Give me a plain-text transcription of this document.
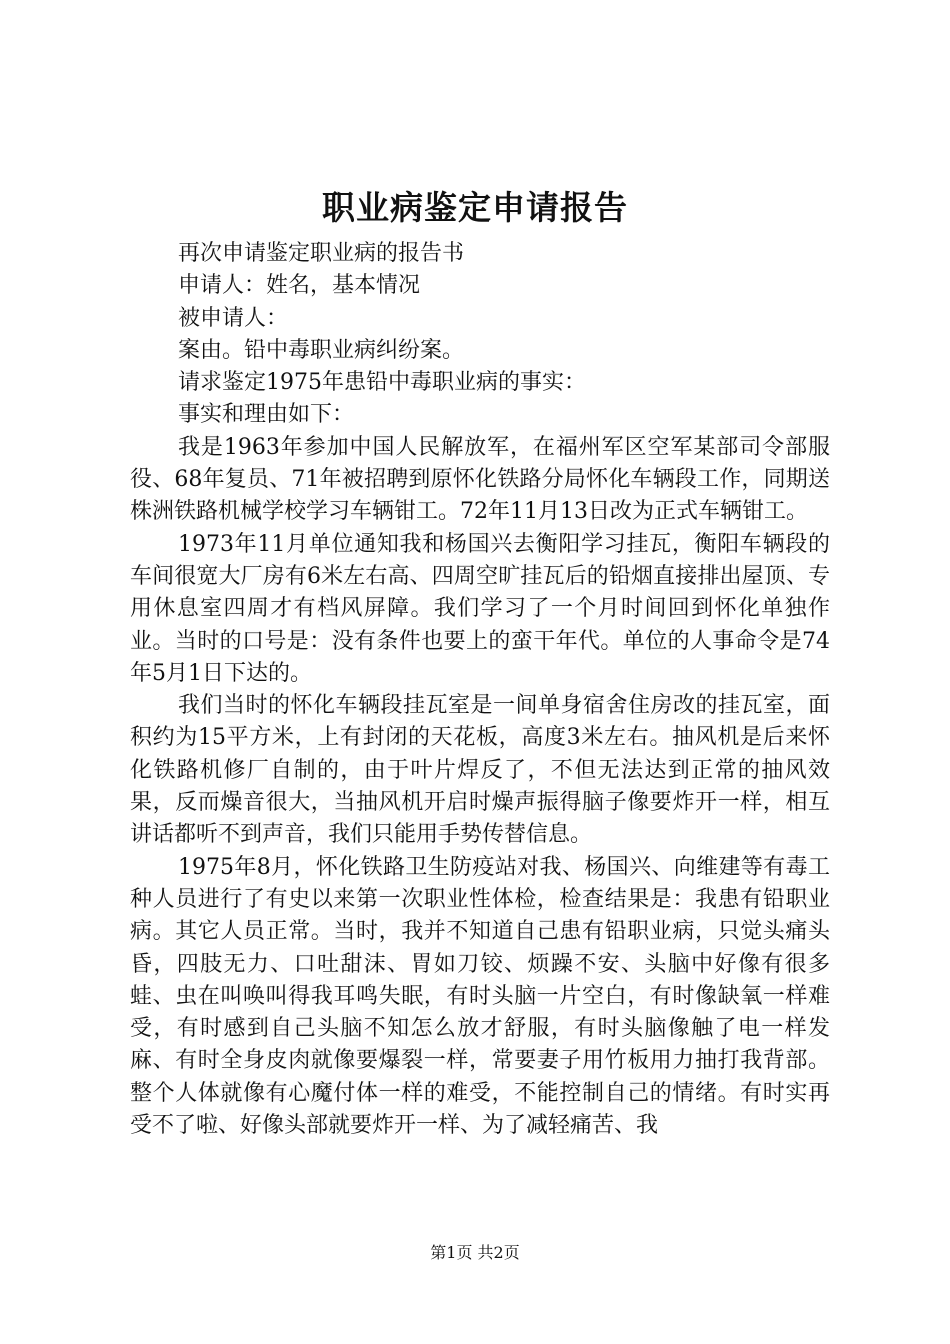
职业病鉴定申请报告

再次申请鉴定职业病的报告书

申请人：姓名，基本情况

被申请人：

案由。铅中毒职业病纠纷案。

请求鉴定1975年患铅中毒职业病的事实：

事实和理由如下：

我是1963年参加中国人民解放军，在福州军区空军某部司令部服役、68年复员、71年被招聘到原怀化铁路分局怀化车辆段工作，同期送株洲铁路机械学校学习车辆钳工。72年11月13日改为正式车辆钳工。

1973年11月单位通知我和杨国兴去衡阳学习挂瓦，衡阳车辆段的车间很宽大厂房有6米左右高、四周空旷挂瓦后的铅烟直接排出屋顶、专用休息室四周才有档风屏障。我们学习了一个月时间回到怀化单独作业。当时的口号是：没有条件也要上的蛮干年代。单位的人事命令是74年5月1日下达的。

我们当时的怀化车辆段挂瓦室是一间单身宿舍住房改的挂瓦室，面积约为15平方米，上有封闭的天花板，高度3米左右。抽风机是后来怀化铁路机修厂自制的，由于叶片焊反了，不但无法达到正常的抽风效果，反而燥音很大，当抽风机开启时燥声振得脑子像要炸开一样，相互讲话都听不到声音，我们只能用手势传替信息。

1975年8月，怀化铁路卫生防疫站对我、杨国兴、向维建等有毒工种人员进行了有史以来第一次职业性体检，检查结果是：我患有铅职业病。其它人员正常。当时，我并不知道自己患有铅职业病，只觉头痛头昏，四肢无力、口吐甜沫、胃如刀铰、烦躁不安、头脑中好像有很多蛙、虫在叫唤叫得我耳鸣失眠，有时头脑一片空白，有时像缺氧一样难受，有时感到自己头脑不知怎么放才舒服，有时头脑像触了电一样发麻、有时全身皮肉就像要爆裂一样，常要妻子用竹板用力抽打我背部。整个人体就像有心魔付体一样的难受，不能控制自己的情绪。有时实再受不了啦、好像头部就要炸开一样、为了减轻痛苦、我

第1页 共2页
